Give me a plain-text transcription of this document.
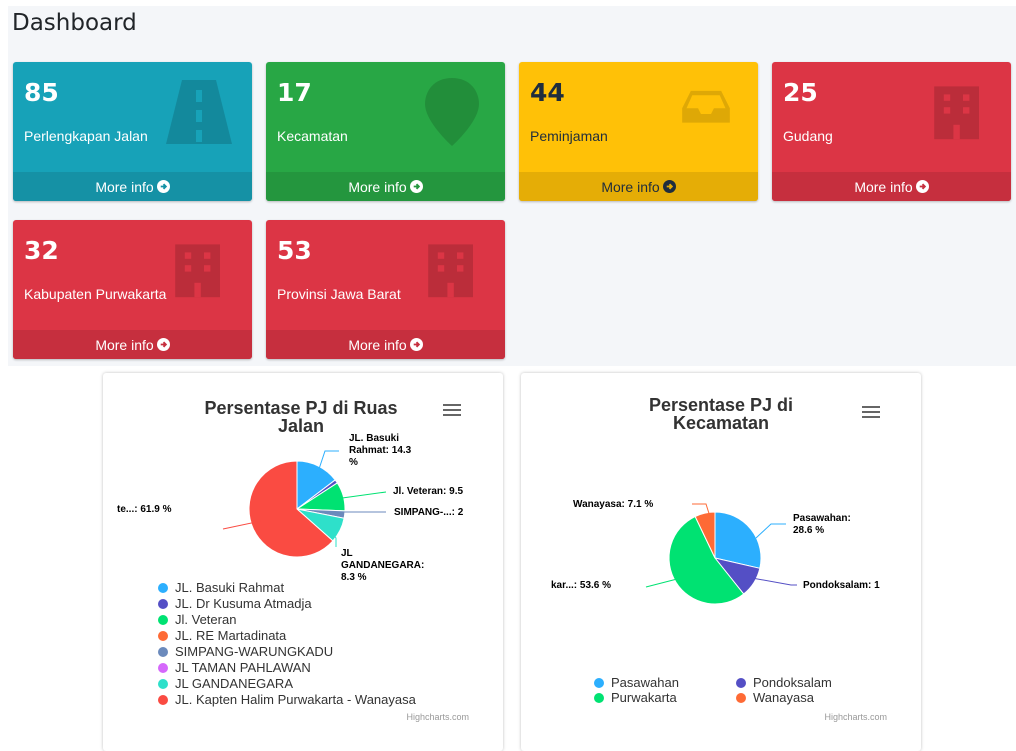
Dashboard
85
Perlengkapan Jalan
More info
17
Kecamatan
More info
44
Peminjaman
More info
25
Gudang
More info
32
Kabupaten Purwakarta
More info
53
Provinsi Jawa Barat
More info
Persentase PJ di Ruas
Jalan
JL. Basuki
Rahmat: 14.3
%
Jl. Veteran: 9.5
SIMPANG-...: 2
JL
GANDANEGARA:
8.3 %
te...: 61.9 %
JL. Basuki Rahmat
JL. Dr Kusuma Atmadja
Jl. Veteran
JL. RE Martadinata
SIMPANG-WARUNGKADU
JL TAMAN PAHLAWAN
JL GANDANEGARA
JL. Kapten Halim Purwakarta - Wanayasa
Highcharts.com
Persentase PJ di
Kecamatan
Wanayasa: 7.1 %
Pasawahan:
28.6 %
Pondoksalam: 1
kar...: 53.6 %
Pasawahan	Pondoksalam
Purwakarta	Wanayasa
Highcharts.com
